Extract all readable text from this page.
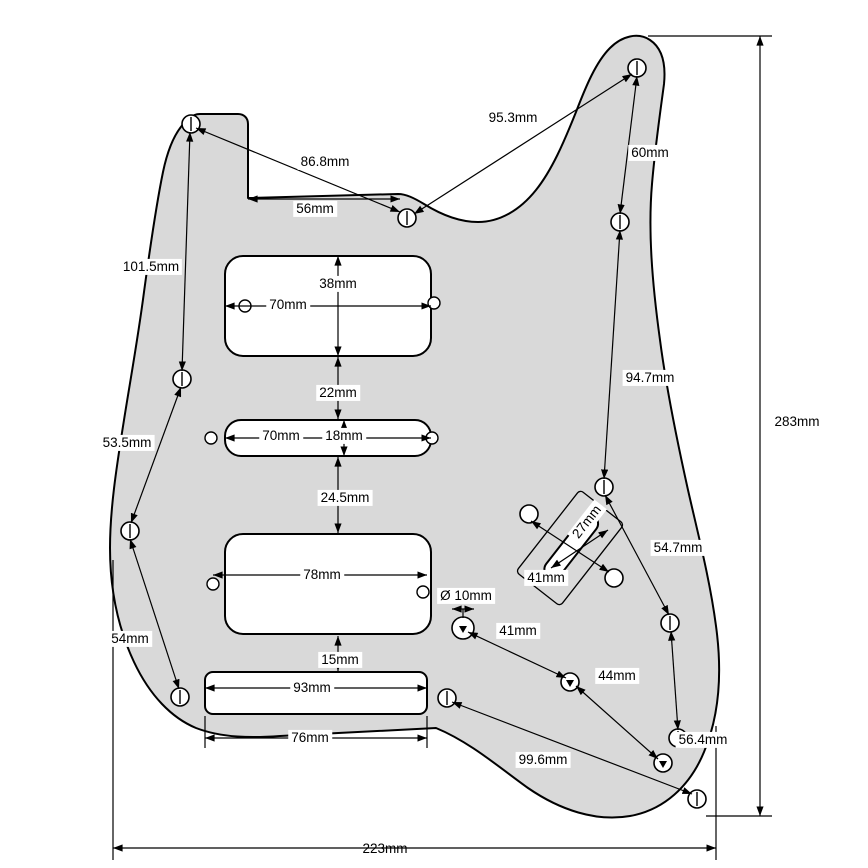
95.3mm
60mm
86.8mm
56mm
101.5mm
38mm
70mm
22mm
94.7mm
70mm 18mm
53.5mm
24.5mm
27mm
41mm
54.7mm
78mm
Ø 10mm
54mm
41mm
15mm
93mm
44mm
76mm	56.4mm
99.6mm
283mm
223mm
